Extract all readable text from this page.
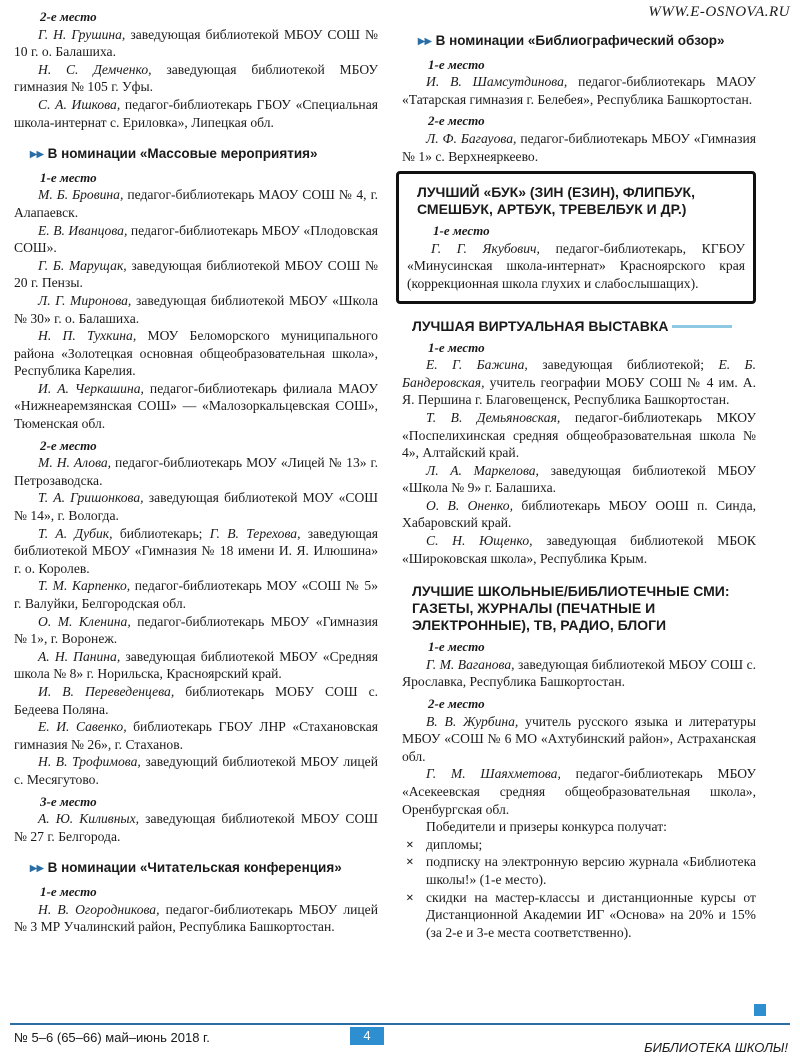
WWW.E-OSNOVA.RU
2-е место

Г. Н. Грушина, заведующая библиотекой МБОУ СОШ № 10 г. о. Балашиха.

Н. С. Демченко, заведующая библиотекой МБОУ гимназия № 105 г. Уфы.

С. А. Ишкова, педагог-библиотекарь ГБОУ «Специальная школа-интернат с. Ериловка», Липецкая обл.

▸▸ В номинации «Массовые мероприятия»
1-е место

М. Б. Бровина, педагог-библиотекарь МАОУ СОШ № 4, г. Алапаевск.

Е. В. Иванцова, педагог-библиотекарь МБОУ «Плодовская СОШ».

Г. Б. Марущак, заведующая библиотекой МБОУ СОШ № 20 г. Пензы.

Л. Г. Миронова, заведующая библиотекой МБОУ «Школа № 30» г. о. Балашиха.

Н. П. Тухкина, МОУ Беломорского муниципального района «Золотецкая основная общеобразовательная школа», Республика Карелия.

И. А. Черкашина, педагог-библиотекарь филиала МАОУ «Нижнеаремзянская СОШ» — «Малозоркальцевская СОШ», Тюменская обл.

2-е место

М. Н. Алова, педагог-библиотекарь МОУ «Лицей № 13» г. Петрозаводска.

Т. А. Гришонкова, заведующая библиотекой МОУ «СОШ № 14», г. Вологда.

Т. А. Дубик, библиотекарь; Г. В. Терехова, заведующая библиотекой МБОУ «Гимназия № 18 имени И. Я. Илюшина» г. о. Королев.

Т. М. Карпенко, педагог-библиотекарь МОУ «СОШ № 5» г. Валуйки, Белгородская обл.

О. М. Кленина, педагог-библиотекарь МБОУ «Гимназия № 1», г. Воронеж.

А. Н. Панина, заведующая библиотекой МБОУ «Средняя школа № 8» г. Норильска, Красноярский край.

И. В. Переведенцева, библиотекарь МОБУ СОШ с. Бедеева Поляна.

Е. И. Савенко, библиотекарь ГБОУ ЛНР «Стахановская гимназия № 26», г. Стаханов.

Н. В. Трофимова, заведующий библиотекой МБОУ лицей с. Месягутово.

3-е место

А. Ю. Киливных, заведующая библиотекой МБОУ СОШ № 27 г. Белгорода.

▸▸ В номинации «Читательская конференция»
1-е место

Н. В. Огородникова, педагог-библиотекарь МБОУ лицей № 3 МР Учалинский район, Республика Башкортостан.

▸▸ В номинации «Библиографический обзор»
1-е место

И. В. Шамсутдинова, педагог-библиотекарь МАОУ «Татарская гимназия г. Белебея», Республика Башкортостан.

2-е место

Л. Ф. Багауова, педагог-библиотекарь МБОУ «Гимназия № 1» с. Верхнеяркеево.

ЛУЧШИЙ «БУК» (ЗИН (ЕЗИН), ФЛИПБУК, СМЕШБУК, АРТБУК, ТРЕВЕЛБУК И ДР.)
1-е место

Г. Г. Якубович, педагог-библиотекарь, КГБОУ «Минусинская школа-интернат» Красноярского края (коррекционная школа глухих и слабослышащих).

ЛУЧШАЯ ВИРТУАЛЬНАЯ ВЫСТАВКА
1-е место

Е. Г. Бажина, заведующая библиотекой; Е. Б. Бандеровская, учитель географии МОБУ СОШ № 4 им. А. Я. Першина г. Благовещенск, Республика Башкортостан.

Т. В. Демьяновская, педагог-библиотекарь МКОУ «Поспелихинская средняя общеобразовательная школа № 4», Алтайский край.

Л. А. Маркелова, заведующая библиотекой МБОУ «Школа № 9» г. Балашиха.

О. В. Оненко, библиотекарь МБОУ ООШ п. Синда, Хабаровский край.

С. Н. Ющенко, заведующая библиотекой МБОК «Широковская школа», Республика Крым.

ЛУЧШИЕ ШКОЛЬНЫЕ/БИБЛИОТЕЧНЫЕ СМИ: ГАЗЕТЫ, ЖУРНАЛЫ (ПЕЧАТНЫЕ И ЭЛЕКТРОННЫЕ), ТВ, РАДИО, БЛОГИ
1-е место

Г. М. Ваганова, заведующая библиотекой МБОУ СОШ с. Ярославка, Республика Башкортостан.

2-е место

В. В. Журбина, учитель русского языка и литературы МБОУ «СОШ № 6 МО «Ахтубинский район», Астраханская обл.

Г. М. Шаяхметова, педагог-библиотекарь МБОУ «Асекеевская средняя общеобразовательная школа», Оренбургская обл.

Победители и призеры конкурса получат:

× дипломы;
× подписку на электронную версию журнала «Библиотека школы!» (1-е место).
× скидки на мастер-классы и дистанционные курсы от Дистанционной Академии ИГ «Основа» на 20% и 15% (за 2-е и 3-е места соответственно).
№ 5–6 (65–66) май–июнь 2018 г.	4
БИБЛИОТЕКА ШКОЛЫ!
